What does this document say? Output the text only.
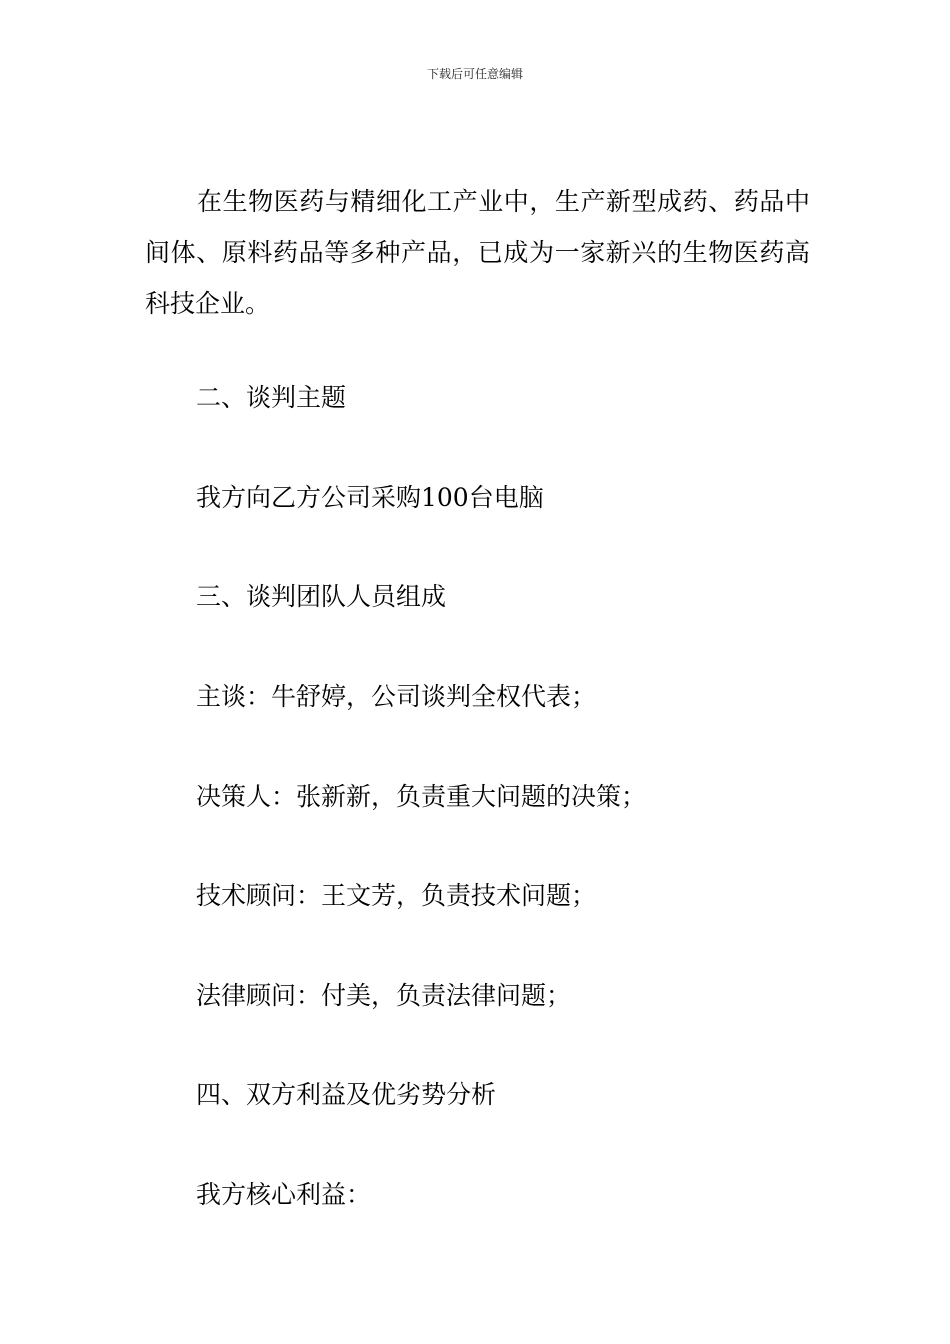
下载后可任意编辑

在生物医药与精细化工产业中，生产新型成药、药品中间体、原料药品等多种产品，已成为一家新兴的生物医药高科技企业。

二、谈判主题

我方向乙方公司采购100台电脑

三、谈判团队人员组成

主谈：牛舒婷，公司谈判全权代表；

决策人：张新新，负责重大问题的决策；

技术顾问：王文芳，负责技术问题；

法律顾问：付美，负责法律问题；

四、双方利益及优劣势分析

我方核心利益：
